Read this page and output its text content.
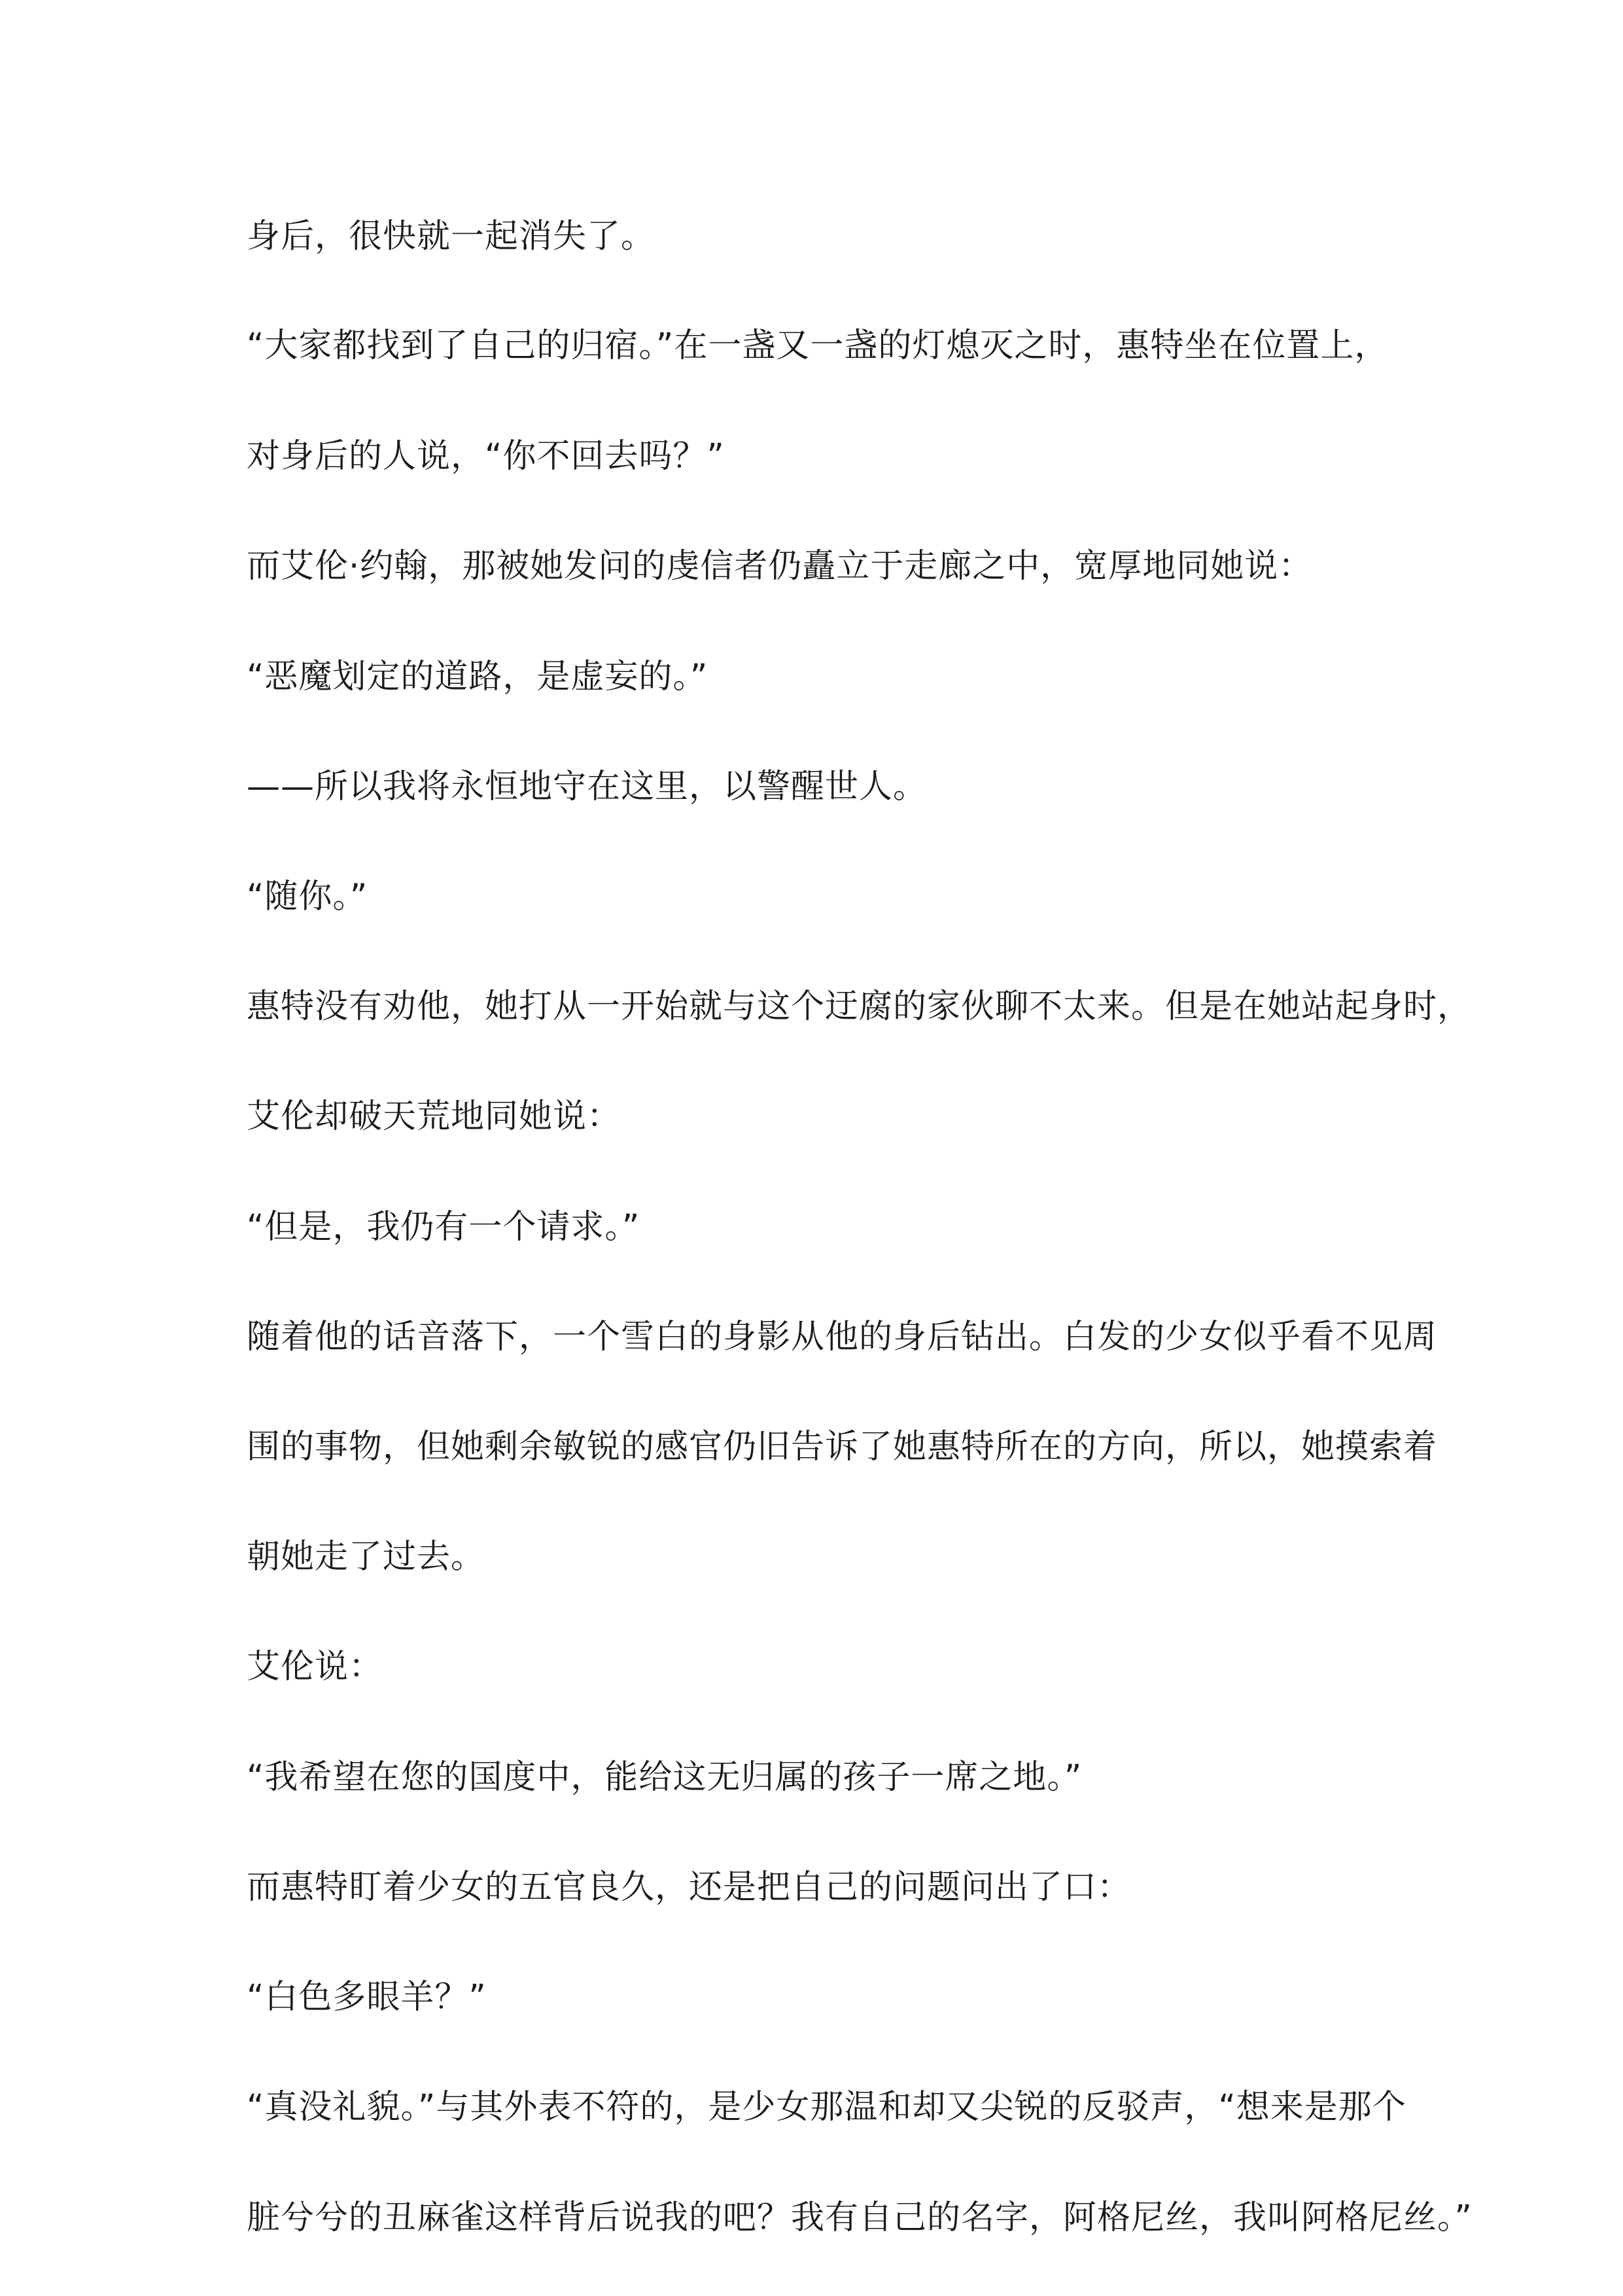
身后，很快就一起消失了。
“大家都找到了自己的归宿。”在一盏又一盏的灯熄灭之时，惠特坐在位置上，
对身后的人说，“你不回去吗？”
而艾伦·约翰，那被她发问的虔信者仍矗立于走廊之中，宽厚地同她说：
“恶魔划定的道路，是虚妄的。”
——所以我将永恒地守在这里，以警醒世人。
“随你。”
惠特没有劝他，她打从一开始就与这个迂腐的家伙聊不太来。但是在她站起身时，
艾伦却破天荒地同她说：
“但是，我仍有一个请求。”
随着他的话音落下，一个雪白的身影从他的身后钻出。白发的少女似乎看不见周
围的事物，但她剩余敏锐的感官仍旧告诉了她惠特所在的方向，所以，她摸索着
朝她走了过去。
艾伦说：
“我希望在您的国度中，能给这无归属的孩子一席之地。”
而惠特盯着少女的五官良久，还是把自己的问题问出了口：
“白色多眼羊？”
“真没礼貌。”与其外表不符的，是少女那温和却又尖锐的反驳声，“想来是那个
脏兮兮的丑麻雀这样背后说我的吧？我有自己的名字，阿格尼丝，我叫阿格尼丝。”
